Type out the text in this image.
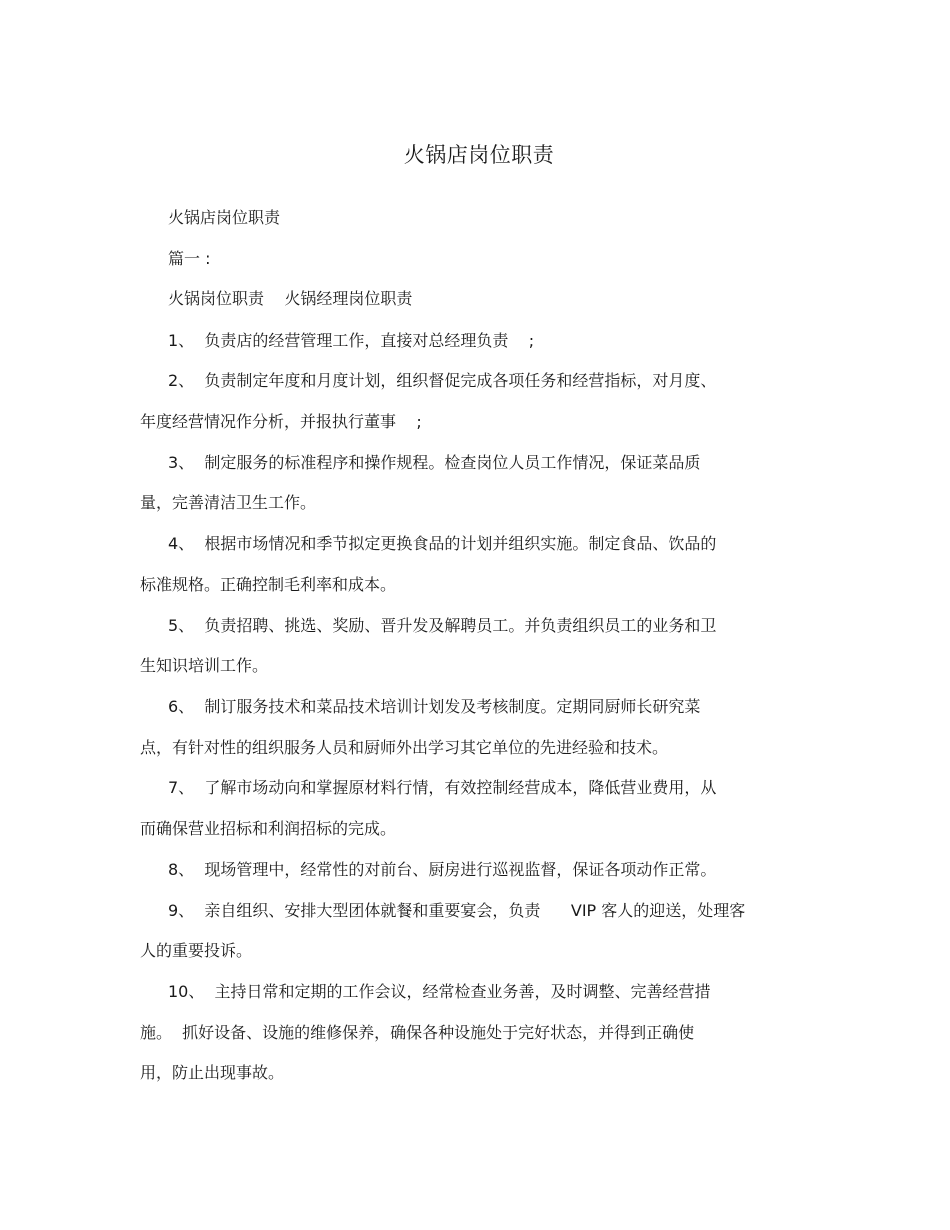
火锅店岗位职责
火锅店岗位职责
篇一 :
火锅岗位职责    火锅经理岗位职责
1、  负责店的经营管理工作，直接对总经理负责    ;
2、  负责制定年度和月度计划，组织督促完成各项任务和经营指标，对月度、
年度经营情况作分析，并报执行董事    ;
3、  制定服务的标准程序和操作规程。检查岗位人员工作情况，保证菜品质
量，完善清洁卫生工作。
4、  根据市场情况和季节拟定更换食品的计划并组织实施。制定食品、饮品的
标准规格。正确控制毛利率和成本。
5、  负责招聘、挑选、奖励、晋升发及解聘员工。并负责组织员工的业务和卫
生知识培训工作。
6、  制订服务技术和菜品技术培训计划发及考核制度。定期同厨师长研究菜
点，有针对性的组织服务人员和厨师外出学习其它单位的先进经验和技术。
7、  了解市场动向和掌握原材料行情，有效控制经营成本，降低营业费用，从
而确保营业招标和利润招标的完成。
8、  现场管理中，经常性的对前台、厨房进行巡视监督，保证各项动作正常。
9、  亲自组织、安排大型团体就餐和重要宴会，负责      VIP 客人的迎送，处理客
人的重要投诉。
10、  主持日常和定期的工作会议，经常检查业务善，及时调整、完善经营措
施。  抓好设备、设施的维修保养，确保各种设施处于完好状态，并得到正确使
用，防止出现事故。
